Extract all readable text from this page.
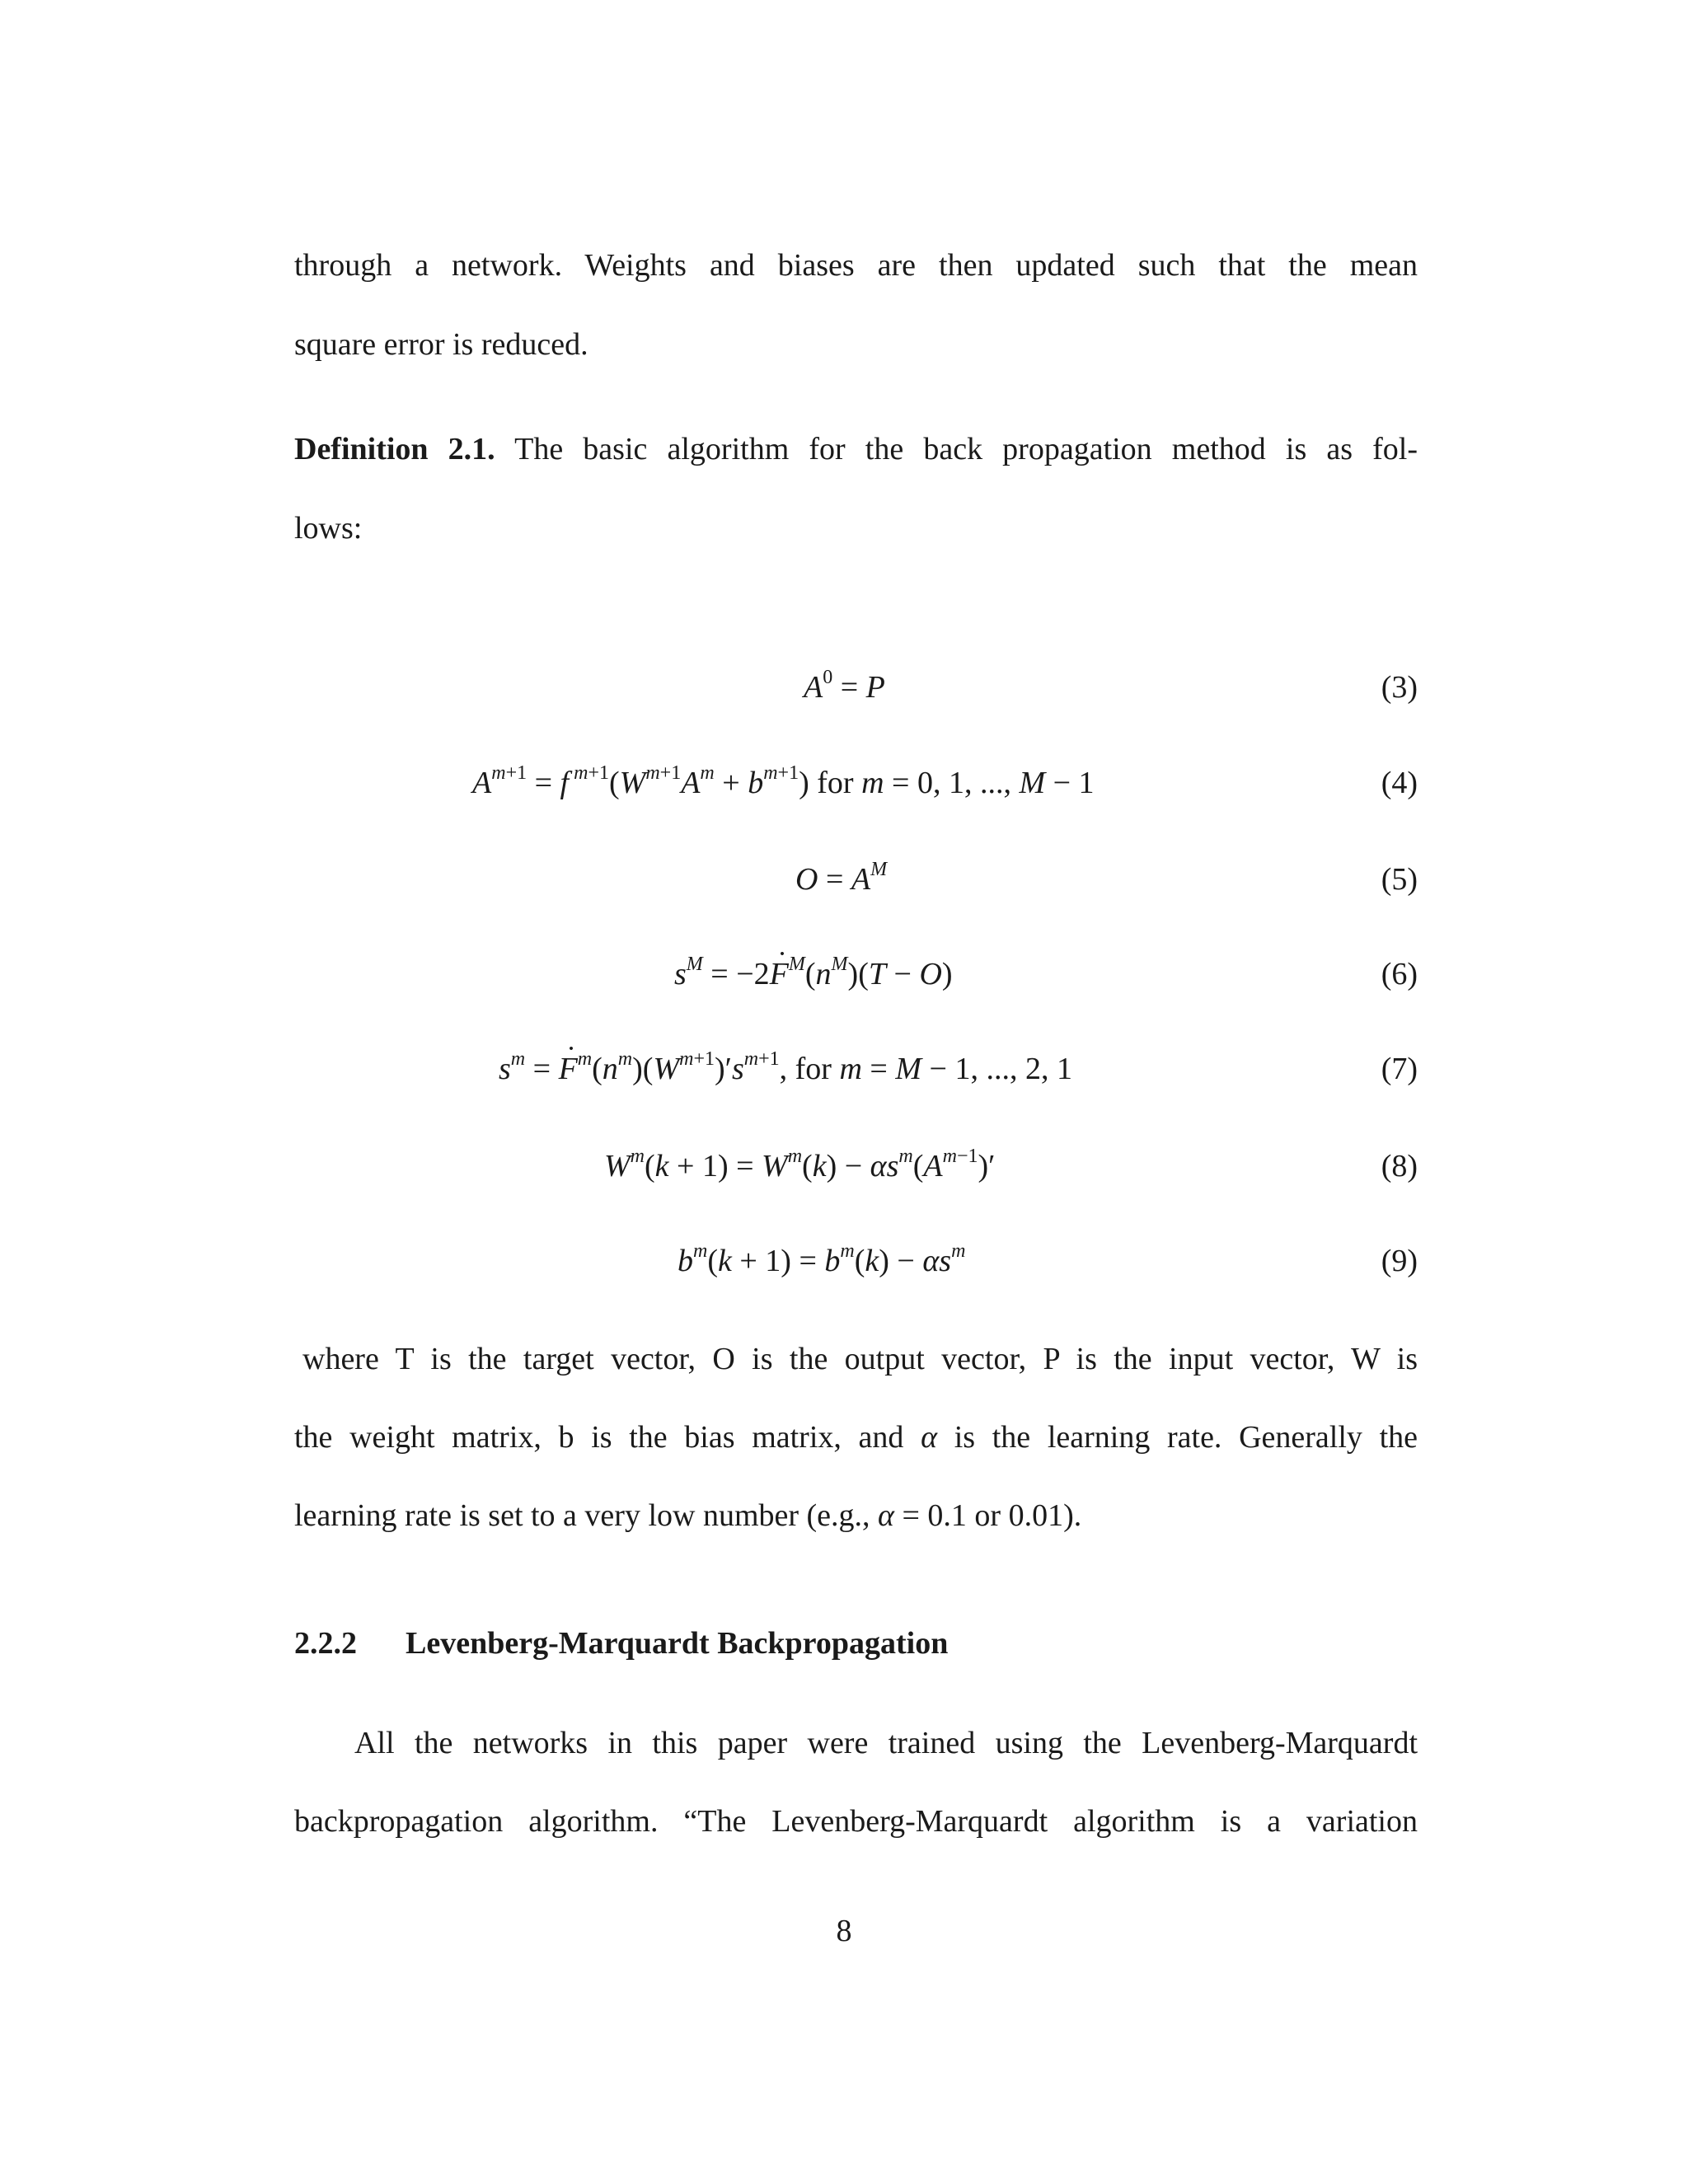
through a network. Weights and biases are then updated such that the mean
square error is reduced.
Definition 2.1. The basic algorithm for the back propagation method is as fol-
lows:
$A^0 = P$	(3)
$A^{m+1} = f$ $^{m+1}(W^{m+1}A^m + b^{m+1})$ for m = 0, 1, ..., M − 1	(4)
$O = A^M$	(5)
$s^M$ = −2˙ $F^M(n^M)(T - O)$	(6)
$s^m$ = ˙ $F^m(n^m)(W^{m+1})'s^{m+1}$, for m = M − 1, ..., 2, 1	(7)
$W^m(k + 1) = W^m(k) - \alpha s^m(A^{m-1})'$	(8)
$b^m(k + 1) = b^m(k) - \alpha s^m$	(9)
where T is the target vector, O is the output vector, P is the input vector, W is
the weight matrix, b is the bias matrix, and α is the learning rate. Generally the
learning rate is set to a very low number (e.g., α = 0.1 or 0.01).
2.2.2 Levenberg-Marquardt Backpropagation
All the networks in this paper were trained using the Levenberg-Marquardt
backpropagation algorithm. “The Levenberg-Marquardt algorithm is a variation
8
